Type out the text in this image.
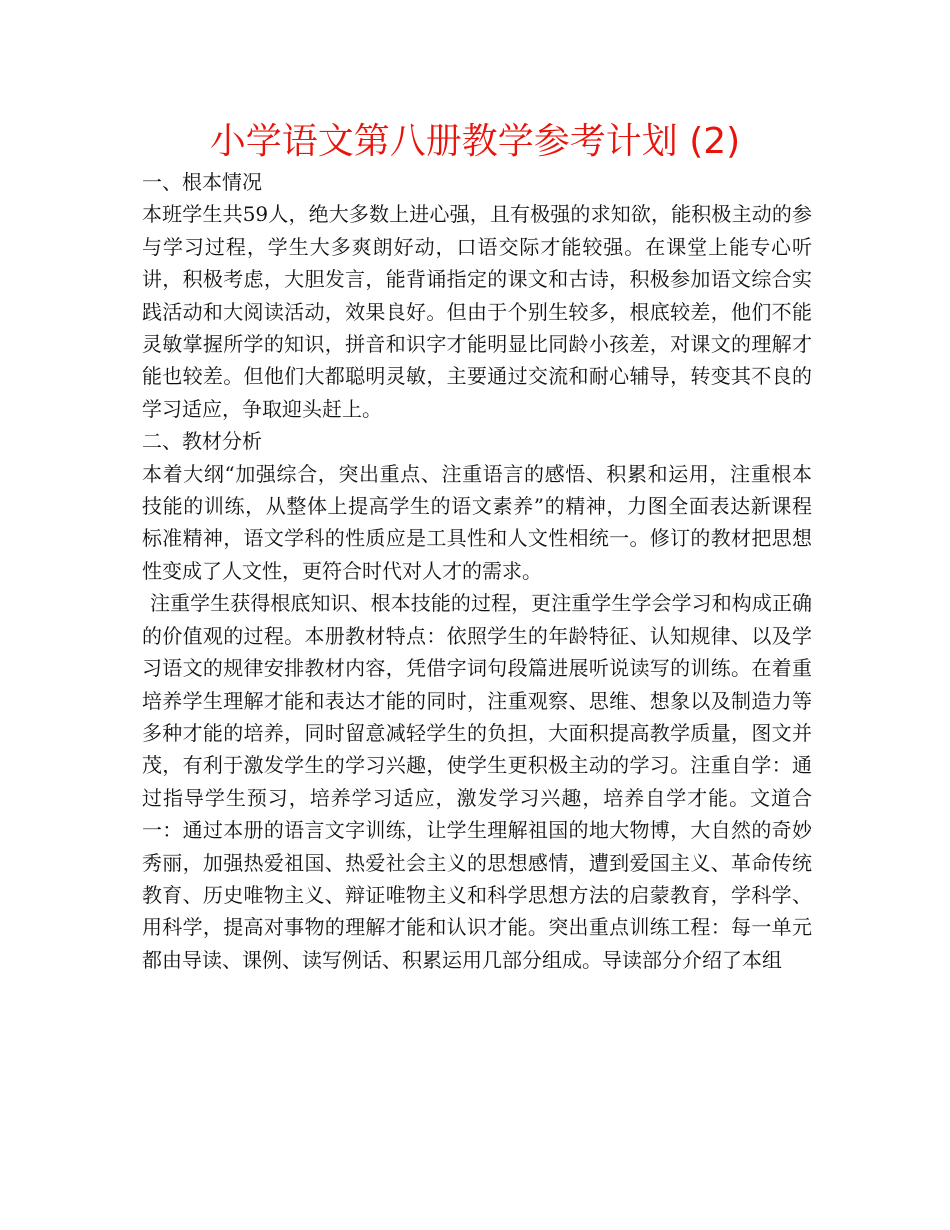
小学语文第八册教学参考计划 (2)

一、根本情况

本班学生共59人，绝大多数上进心强，且有极强的求知欲，能积极主动的参与学习过程，学生大多爽朗好动，口语交际才能较强。在课堂上能专心听讲，积极考虑，大胆发言，能背诵指定的课文和古诗，积极参加语文综合实践活动和大阅读活动，效果良好。但由于个别生较多，根底较差，他们不能灵敏掌握所学的知识，拼音和识字才能明显比同龄小孩差，对课文的理解才能也较差。但他们大都聪明灵敏，主要通过交流和耐心辅导，转变其不良的学习适应，争取迎头赶上。

二、教材分析

本着大纲“加强综合，突出重点、注重语言的感悟、积累和运用，注重根本技能的训练，从整体上提高学生的语文素养”的精神，力图全面表达新课程标准精神，语文学科的性质应是工具性和人文性相统一。修订的教材把思想性变成了人文性，更符合时代对人才的需求。

注重学生获得根底知识、根本技能的过程，更注重学生学会学习和构成正确的价值观的过程。本册教材特点：依照学生的年龄特征、认知规律、以及学习语文的规律安排教材内容，凭借字词句段篇进展听说读写的训练。在着重培养学生理解才能和表达才能的同时，注重观察、思维、想象以及制造力等多种才能的培养，同时留意减轻学生的负担，大面积提高教学质量，图文并茂，有利于激发学生的学习兴趣，使学生更积极主动的学习。注重自学：通过指导学生预习，培养学习适应，激发学习兴趣，培养自学才能。文道合一：通过本册的语言文字训练，让学生理解祖国的地大物博，大自然的奇妙秀丽，加强热爱祖国、热爱社会主义的思想感情，遭到爱国主义、革命传统教育、历史唯物主义、辩证唯物主义和科学思想方法的启蒙教育，学科学、用科学，提高对事物的理解才能和认识才能。突出重点训练工程：每一单元都由导读、课例、读写例话、积累运用几部分组成。导读部分介绍了本组
